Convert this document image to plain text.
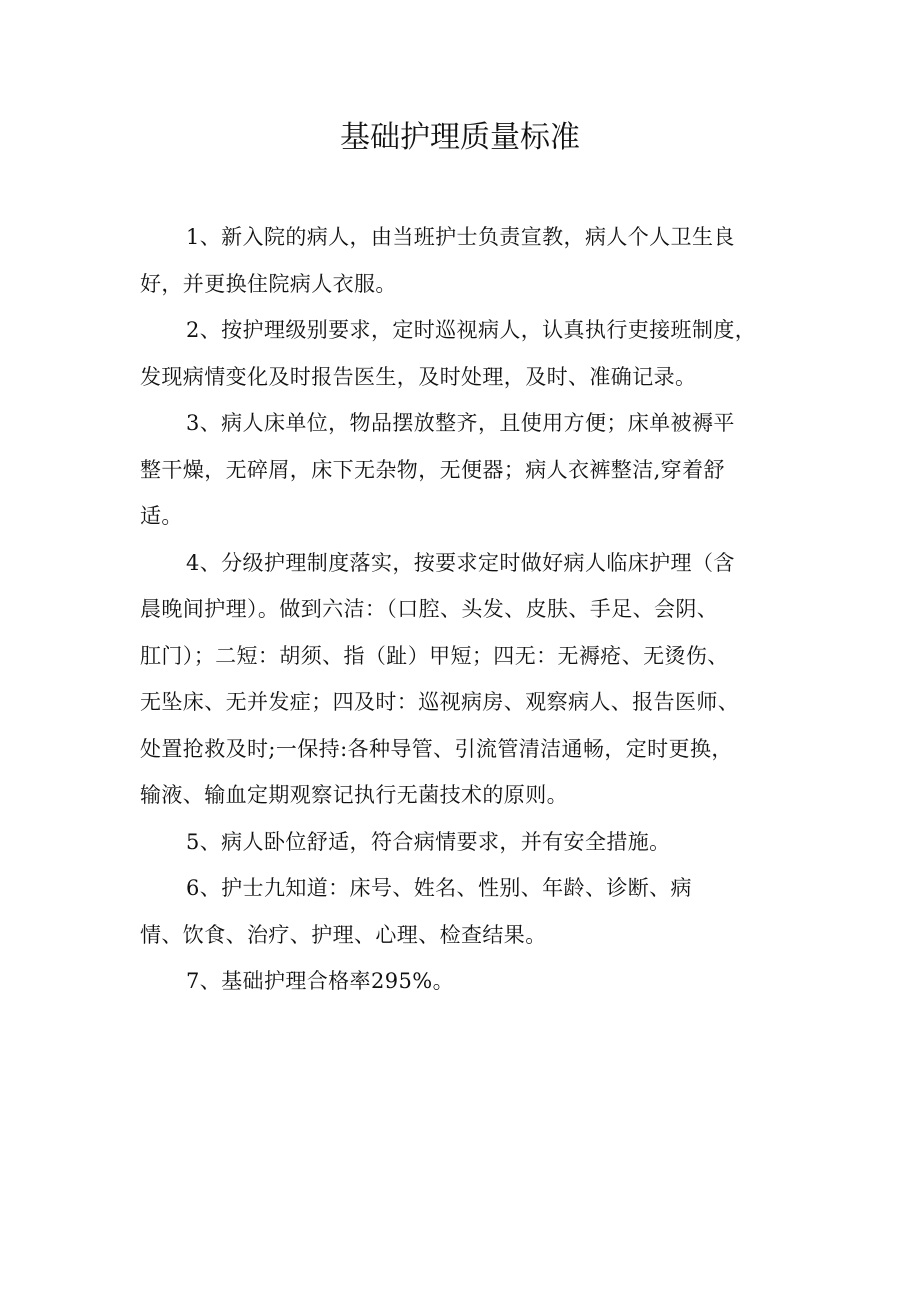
基础护理质量标准
1、新入院的病人，由当班护士负责宣教，病人个人卫生良
好，并更换住院病人衣服。
2、按护理级别要求，定时巡视病人，认真执行吏接班制度，
发现病情变化及时报告医生，及时处理，及时、准确记录。
3、病人床单位，物品摆放整齐，且使用方便；床单被褥平
整干燥，无碎屑，床下无杂物，无便器；病人衣裤整洁,穿着舒
适。
4、分级护理制度落实，按要求定时做好病人临床护理（含
晨晚间护理）。做到六洁：（口腔、头发、皮肤、手足、会阴、
肛门）；二短：胡须、指（趾）甲短；四无：无褥疮、无烫伤、
无坠床、无并发症；四及时：巡视病房、观察病人、报告医师、
处置抢救及时;一保持:各种导管、引流管清洁通畅，定时更换，
输液、输血定期观察记执行无菌技术的原则。
5、病人卧位舒适，符合病情要求，并有安全措施。
6、护士九知道：床号、姓名、性别、年龄、诊断、病
情、饮食、治疗、护理、心理、检查结果。
7、基础护理合格率295%。
